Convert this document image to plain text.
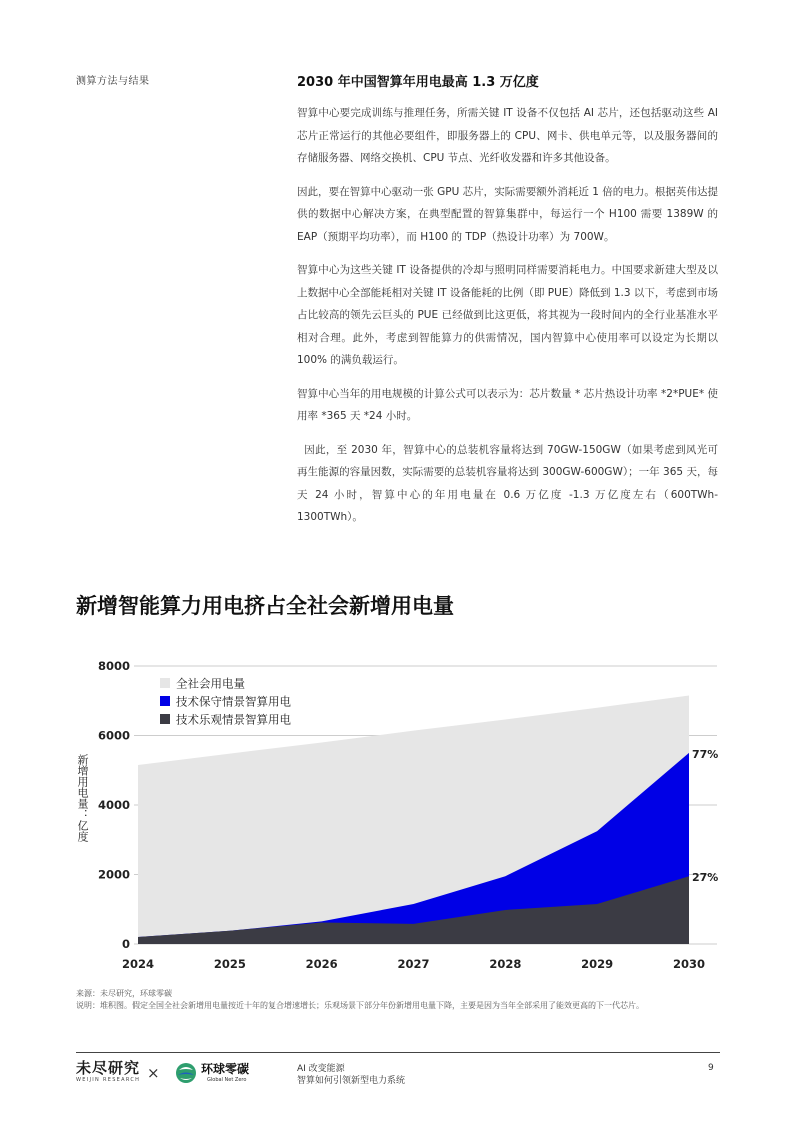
测算方法与结果	2030 年中国智算年用电最高 1.3 万亿度

智算中心要完成训练与推理任务，所需关键 IT 设备不仅包括 AI 芯片，还包括驱动这些 AI 芯片正常运行的其他必要组件，即服务器上的 CPU、网卡、供电单元等，以及服务器间的存储服务器、网络交换机、CPU 节点、光纤收发器和许多其他设备。

因此，要在智算中心驱动一张 GPU 芯片，实际需要额外消耗近 1 倍的电力。根据英伟达提供的数据中心解决方案，在典型配置的智算集群中，每运行一个 H100 需要 1389W 的 EAP（预期平均功率），而 H100 的 TDP（热设计功率）为 700W。

智算中心为这些关键 IT 设备提供的冷却与照明同样需要消耗电力。中国要求新建大型及以上数据中心全部能耗相对关键 IT 设备能耗的比例（即 PUE）降低到 1.3 以下，考虑到市场占比较高的领先云巨头的 PUE 已经做到比这更低，将其视为一段时间内的全行业基准水平相对合理。此外，考虑到智能算力的供需情况，国内智算中心使用率可以设定为长期以 100% 的满负载运行。

智算中心当年的用电规模的计算公式可以表示为：芯片数量 * 芯片热设计功率 *2*PUE* 使用率 *365 天 *24 小时。

因此，至 2030 年，智算中心的总装机容量将达到 70GW-150GW（如果考虑到风光可再生能源的容量因数，实际需要的总装机容量将达到 300GW-600GW）；一年 365 天，每天 24 小时，智算中心的年用电量在 0.6 万亿度 -1.3 万亿度左右（600TWh-1300TWh）。

新增智能算力用电挤占全社会新增用电量
新增用电量：亿度
0
2000
4000
6000
8000
2024	2025	2026	2027	2028	2029	2030
77%
27%
全社会用电量
技术保守情景智算用电
技术乐观情景智算用电
来源：未尽研究，环球零碳
说明：堆积图。假定全国全社会新增用电量按近十年的复合增速增长；乐观场景下部分年份新增用电量下降，主要是因为当年全部采用了能效更高的下一代芯片。
未尽研究
WEIJIN RESEARCH ×	环球零碳
Global Net Zero
AI 改变能源
智算如何引领新型电力系统
9
